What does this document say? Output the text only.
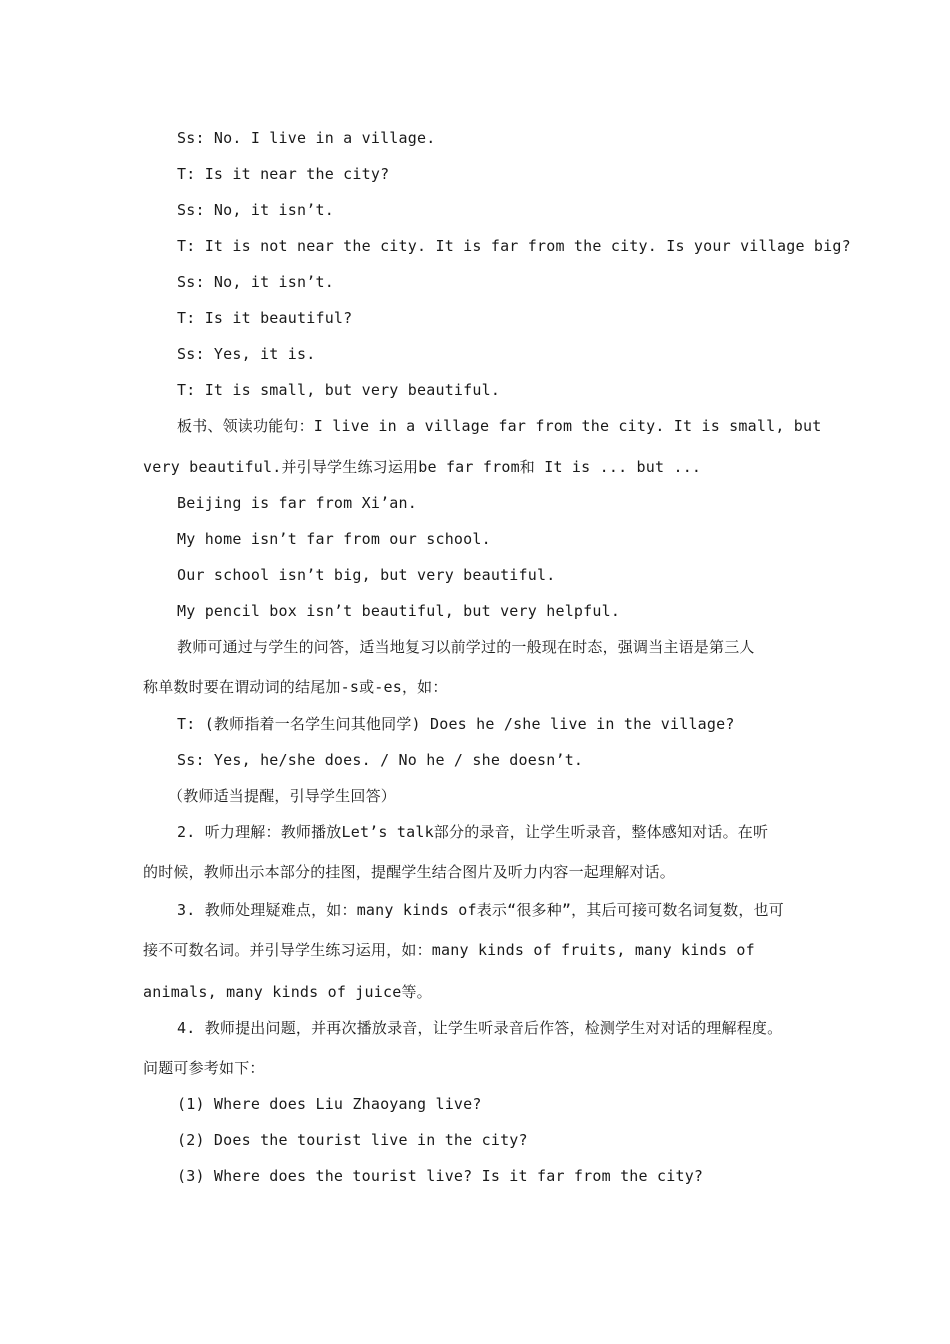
Ss: No. I live in a village.
T: Is it near the city?
Ss: No, it isn’t.
T: It is not near the city. It is far from the city. Is your village big?
Ss: No, it isn’t.
T: Is it beautiful?
Ss: Yes, it is.
T: It is small, but very beautiful.
板书、领读功能句：I live in a village far from the city. It is small, but
very beautiful.并引导学生练习运用be far from和 It is ... but ...
Beijing is far from Xi’an.
My home isn’t far from our school.
Our school isn’t big, but very beautiful.
My pencil box isn’t beautiful, but very helpful.
教师可通过与学生的问答，适当地复习以前学过的一般现在时态，强调当主语是第三人
称单数时要在谓动词的结尾加-s或-es，如：
T: (教师指着一名学生问其他同学) Does he /she live in the village?
Ss: Yes, he/she does. / No he / she doesn’t.
（教师适当提醒，引导学生回答）
2. 听力理解：教师播放Let’s talk部分的录音，让学生听录音，整体感知对话。在听
的时候，教师出示本部分的挂图，提醒学生结合图片及听力内容一起理解对话。
3. 教师处理疑难点，如：many kinds of表示“很多种”，其后可接可数名词复数，也可
接不可数名词。并引导学生练习运用，如：many kinds of fruits, many kinds of
animals, many kinds of juice等。
4. 教师提出问题，并再次播放录音，让学生听录音后作答，检测学生对对话的理解程度。
问题可参考如下：
(1) Where does Liu Zhaoyang live?
(2) Does the tourist live in the city?
(3) Where does the tourist live? Is it far from the city?
